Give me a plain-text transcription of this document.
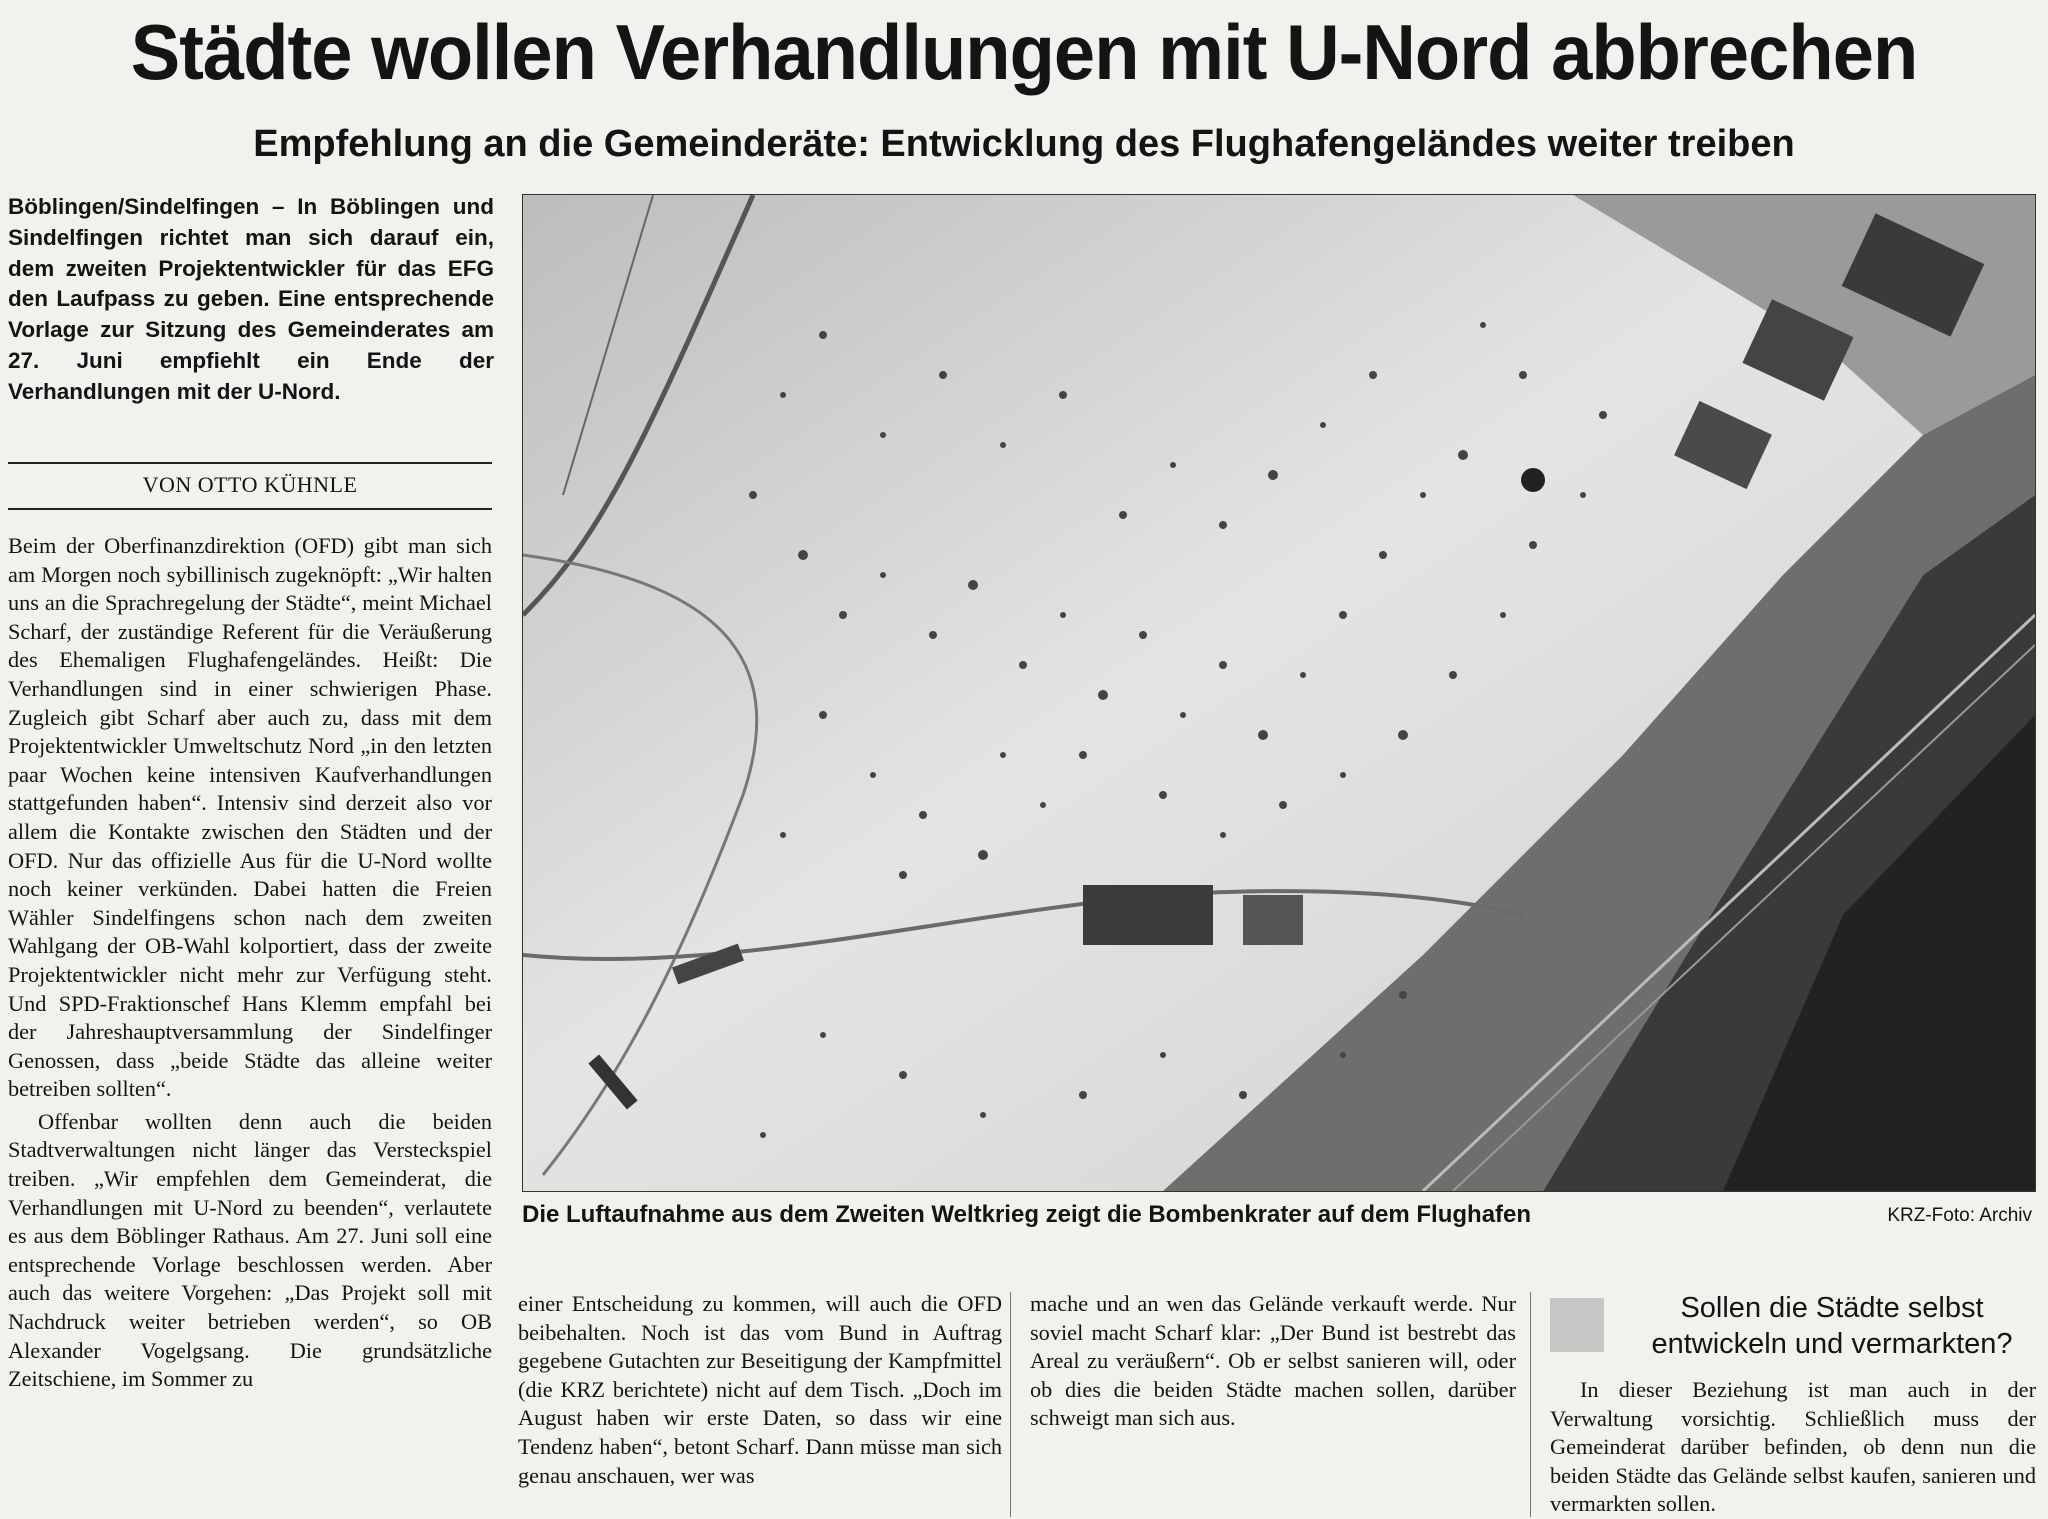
Städte wollen Verhandlungen mit U-Nord abbrechen
Empfehlung an die Gemeinderäte: Entwicklung des Flughafengeländes weiter treiben

Böblingen/Sindelfingen – In Böblingen und Sindelfingen richtet man sich darauf ein, dem zweiten Projektentwickler für das EFG den Laufpass zu geben. Eine entsprechende Vorlage zur Sitzung des Gemeinderates am 27. Juni empfiehlt ein Ende der Verhandlungen mit der U-Nord.

VON OTTO KÜHNLE

Beim der Oberfinanzdirektion (OFD) gibt man sich am Morgen noch sybillinisch zugeknöpft: „Wir halten uns an die Sprachregelung der Städte“, meint Michael Scharf, der zuständige Referent für die Veräußerung des Ehemaligen Flughafengeländes. Heißt: Die Verhandlungen sind in einer schwierigen Phase. Zugleich gibt Scharf aber auch zu, dass mit dem Projektentwickler Umweltschutz Nord „in den letzten paar Wochen keine intensiven Kaufverhandlungen stattgefunden haben“. Intensiv sind derzeit also vor allem die Kontakte zwischen den Städten und der OFD. Nur das offizielle Aus für die U-Nord wollte noch keiner verkünden. Dabei hatten die Freien Wähler Sindelfingens schon nach dem zweiten Wahlgang der OB-Wahl kolportiert, dass der zweite Projektentwickler nicht mehr zur Verfügung steht. Und SPD-Fraktionschef Hans Klemm empfahl bei der Jahreshauptversammlung der Sindelfinger Genossen, dass „beide Städte das alleine weiter betreiben sollten“.

Offenbar wollten denn auch die beiden Stadtverwaltungen nicht länger das Versteckspiel treiben. „Wir empfehlen dem Gemeinderat, die Verhandlungen mit U-Nord zu beenden“, verlautete es aus dem Böblinger Rathaus. Am 27. Juni soll eine entsprechende Vorlage beschlossen werden. Aber auch das weitere Vorgehen: „Das Projekt soll mit Nachdruck weiter betrieben werden“, so OB Alexander Vogelgsang. Die grundsätzliche Zeitschiene, im Sommer zu

Die Luftaufnahme aus dem Zweiten Weltkrieg zeigt die Bombenkrater auf dem Flughafen	KRZ-Foto: Archiv

einer Entscheidung zu kommen, will auch die OFD beibehalten. Noch ist das vom Bund in Auftrag gegebene Gutachten zur Beseitigung der Kampfmittel (die KRZ berichtete) nicht auf dem Tisch. „Doch im August haben wir erste Daten, so dass wir eine Tendenz haben“, betont Scharf. Dann müsse man sich genau anschauen, wer was

mache und an wen das Gelände verkauft werde. Nur soviel macht Scharf klar: „Der Bund ist bestrebt das Areal zu veräußern“. Ob er selbst sanieren will, oder ob dies die beiden Städte machen sollen, darüber schweigt man sich aus.

Sollen die Städte selbst entwickeln und vermarkten?

In dieser Beziehung ist man auch in der Verwaltung vorsichtig. Schließlich muss der Gemeinderat darüber befinden, ob denn nun die beiden Städte das Gelände selbst kaufen, sanieren und vermarkten sollen.
